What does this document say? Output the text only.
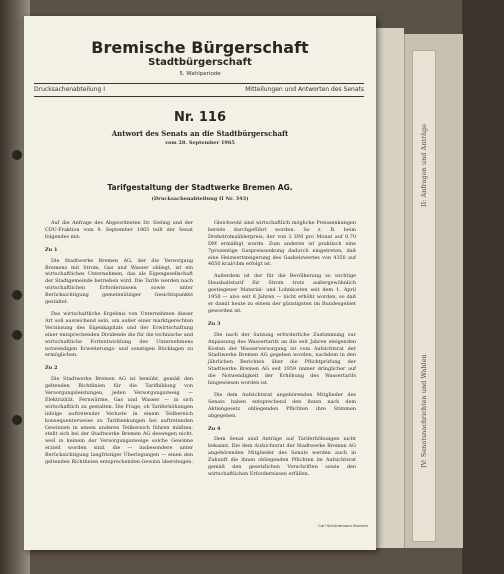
IV: Senatsnachrichten und Wahlen
II: Anfragen und Anträge
Bremische Bürgerschaft
Stadtbürgerschaft
5. Wahlperiode
Drucksachenabteilung I	Mitteilungen und Antworten des Senats
Nr. 116
Antwort des Senats an die Stadtbürgerschaft
vom 28. September 1965
Tarifgestaltung der Stadtwerke Bremen AG.
(Drucksachenabteilung II Nr. 343)

Auf die Anfrage des Abgeordneten Dr. Sieling und der CDU-Fraktion vom 9. September 1965 teilt der Senat folgendes mit:

Zu 1

Die Stadtwerke Bremen AG, der die Versorgung Bremens mit Strom, Gas und Wasser obliegt, ist ein wirtschaftliches Unternehmen, das als Eigengesellschaft der Stadtgemeinde betrieben wird. Die Tarife werden nach wirtschaftlichen Erfordernissen sowie unter Berücksichtigung gemeinnütziger Gesichtspunkte gestaltet.

Das wirtschaftliche Ergebnis von Unternehmen dieser Art soll ausreichend sein, um außer einer marktgerechten Verzinsung des Eigenkapitals und der Erwirtschaftung einer entsprechenden Dividende die für die technische und wirtschaftliche Fortentwicklung des Unternehmens notwendigen Erweiterungs- und sonstigen Rücklagen zu ermöglichen.

Zu 2

Die Stadtwerke Bremen AG ist bemüht, gemäß den geltenden Richtlinien für die Tarifbildung von Versorgungsleistungen, jeden Versorgungszweig — Elektrizität, Fernwärme, Gas und Wasser — in sich wirtschaftlich zu gestalten. Die Frage, ob Tariferhöhungen infolge auftretender Verluste in einem Teilbereich konsequenterweise zu Tarifsenkungen bei auftretenden Gewinnen in einem anderen Teilbereich führen müßten, stellt sich bei der Stadtwerke Bremen AG deswegen nicht, weil in keinem der Versorgungszweige solche Gewinne erzielt worden sind, die — insbesondere unter Berücksichtigung langfristiger Überlegungen — einen den geltenden Richtlinien entsprechenden Gewinn übersteigen.

Gleichwohl sind wirtschaftlich mögliche Preissenkungen bereits durchgeführt worden. So z. B. beim Drehstromzählerpreis, der von 2 DM pro Monat auf 0,70 DM ermäßigt wurde. Zum anderen ist praktisch eine 7prozentige Gaspreissenkung dadurch eingetreten, daß eine Heizwertsteigerung des Gasheizwertes von 4350 auf 4650 kcal/cbm erfolgt ist.

Außerdem ist der für die Bevölkerung so wichtige Haushaltstarif für Strom trotz außergewöhnlich gestiegener Material- und Lohnkosten seit dem 1. April 1958 — also seit 8 Jahren — nicht erhöht worden, so daß er damit heute zu einem der günstigsten im Bundesgebiet geworden ist.

Zu 3

Die nach der Satzung erforderliche Zustimmung zur Anpassung des Wassertarifs an die seit Jahren steigenden Kosten der Wasserversorgung ist vom Aufsichtsrat der Stadtwerke Bremen AG gegeben worden, nachdem in den jährlichen Berichten über die Pflichtprüfung der Stadtwerke Bremen AG seit 1959 immer dringlicher auf die Notwendigkeit der Erhöhung des Wassertarifs hingewiesen worden ist.

Die dem Aufsichtsrat angehörenden Mitglieder des Senats haben entsprechend den ihnen nach dem Aktiengesetz obliegenden Pflichten ihre Stimmen abgegeben.

Zu 4

Dem Senat sind Anträge auf Tariferhöhungen nicht bekannt. Die dem Aufsichtsrat der Stadtwerke Bremen AG angehörenden Mitglieder des Senats werden auch in Zukunft die ihnen obliegenden Pflichten im Aufsichtsrat gemäß den gesetzlichen Vorschriften sowie den wirtschaftlichen Erfordernissen erfüllen.

Carl Schünemann Bremen
